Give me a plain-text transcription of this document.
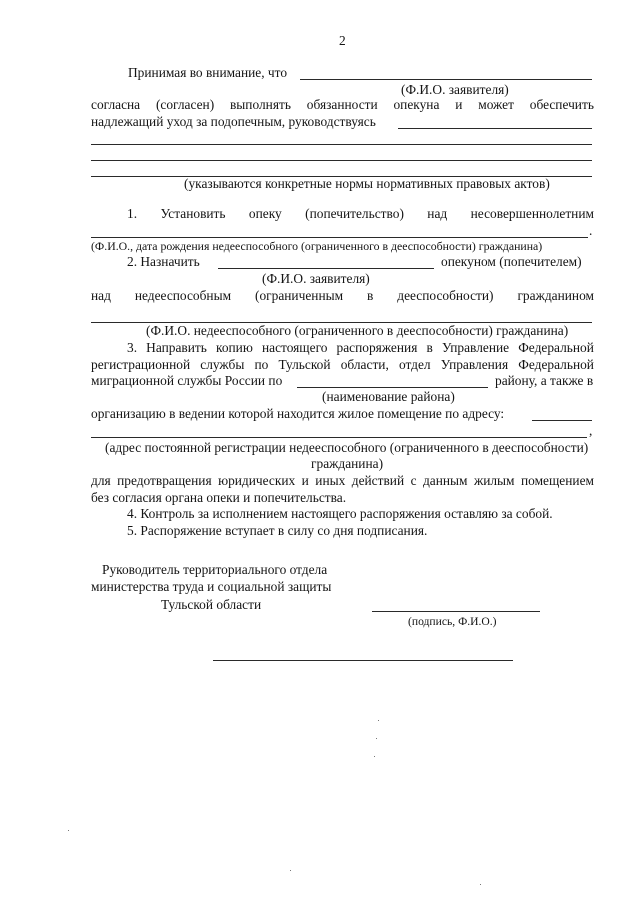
2
Принимая во внимание, что
(Ф.И.О. заявителя)
согласна (согласен) выполнять обязанности опекуна и может обеспечить
надлежащий уход за подопечным, руководствуясь
(указываются конкретные нормы нормативных правовых актов)
1. Установить опеку (попечительство) над несовершеннолетним
.
(Ф.И.О., дата рождения недееспособного (ограниченного в дееспособности) гражданина)
2. Назначить	опекуном (попечителем)
(Ф.И.О. заявителя)
над недееспособным (ограниченным в дееспособности) гражданином
(Ф.И.О. недееспособного (ограниченного в дееспособности) гражданина)
3. Направить копию настоящего распоряжения в Управление Федеральной
регистрационной службы по Тульской области, отдел Управления Федеральной
миграционной службы России по	району, а также в
(наименование района)
организацию в ведении которой находится жилое помещение по адресу:
,
(адрес постоянной регистрации недееспособного (ограниченного в дееспособности)
гражданина)
для предотвращения юридических и иных действий с данным жилым помещением
без согласия органа опеки и попечительства.
4. Контроль за исполнением настоящего распоряжения оставляю за собой.
5. Распоряжение вступает в силу со дня подписания.
Руководитель территориального отдела
министерства труда и социальной защиты
Тульской области
(подпись, Ф.И.О.)
